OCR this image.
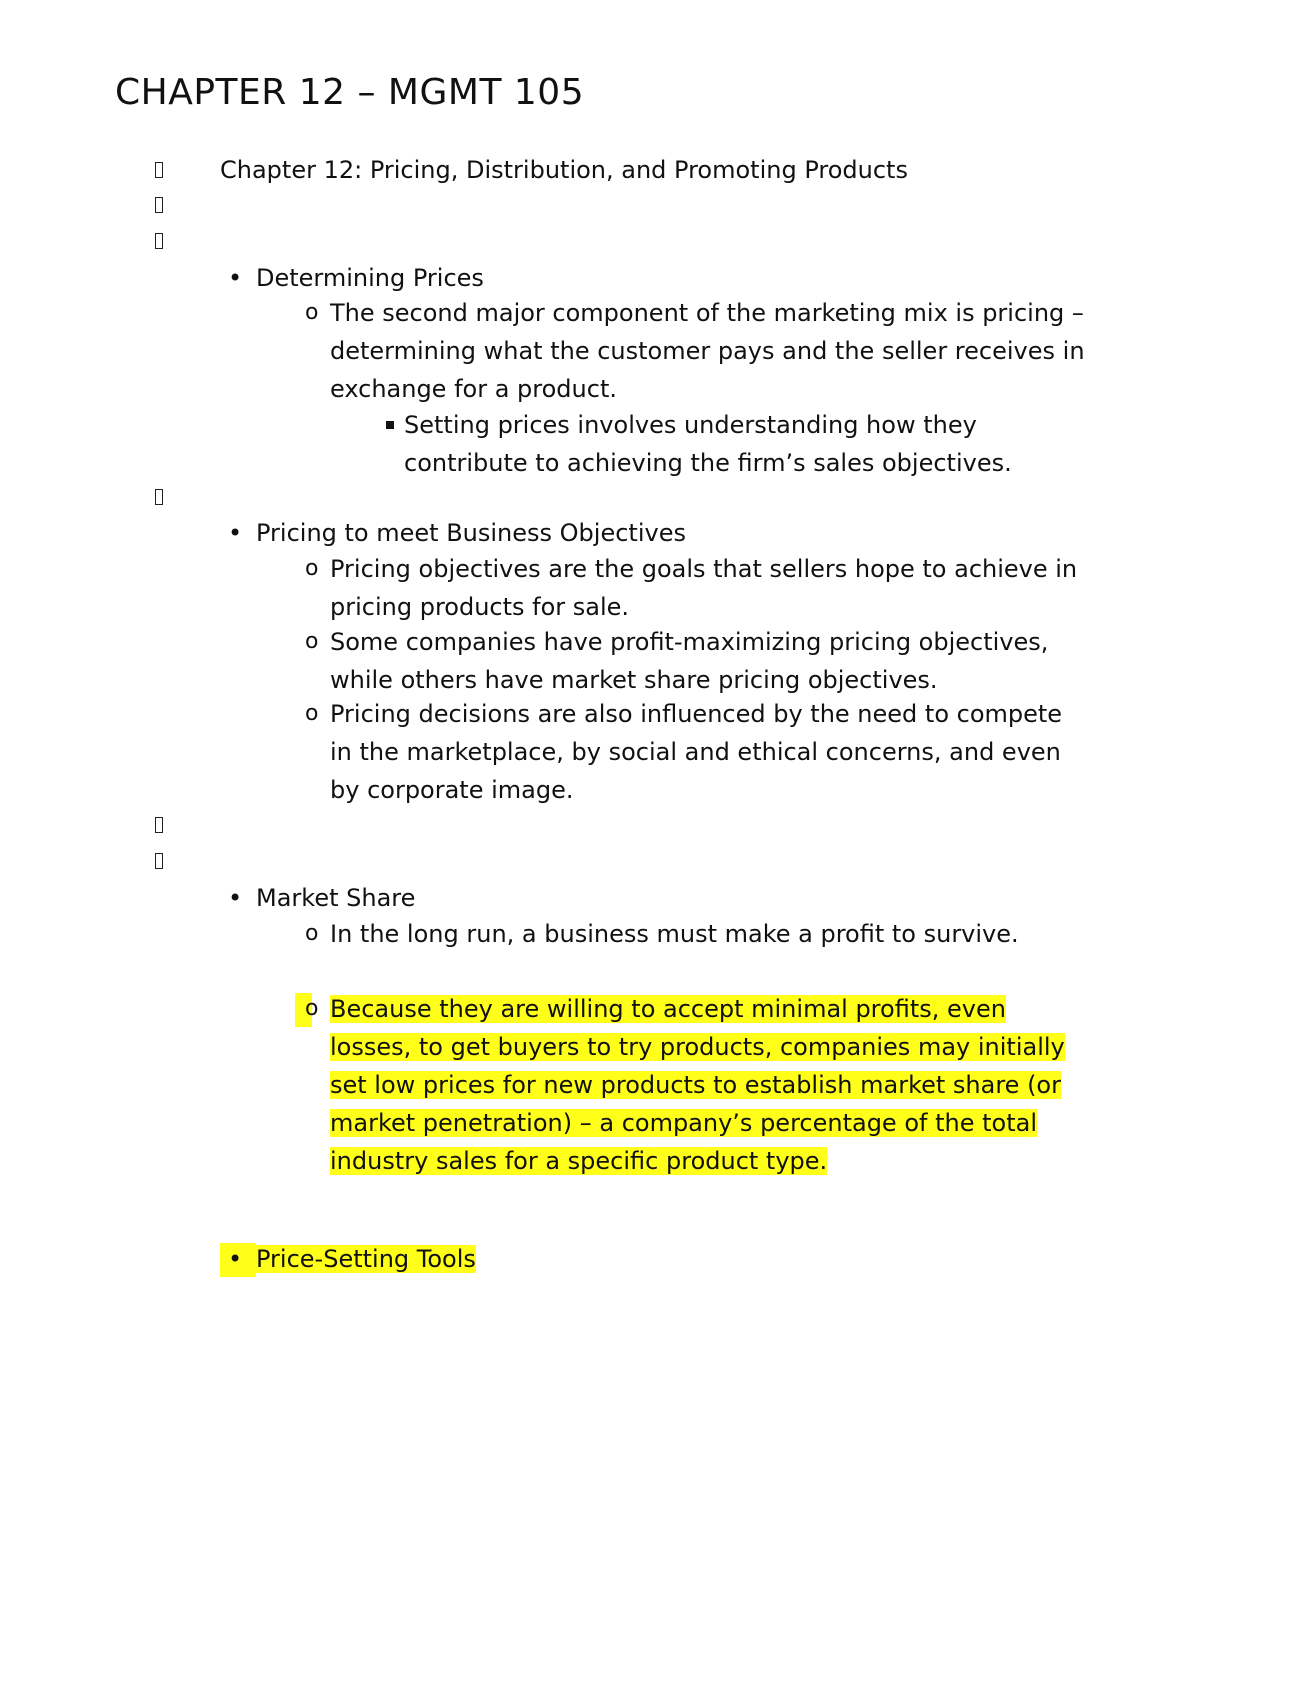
CHAPTER 12 – MGMT 105
Chapter 12: Pricing, Distribution, and Promoting Products
• Determining Prices
o The second major component of the marketing mix is pricing –
determining what the customer pays and the seller receives in
exchange for a product.
Setting prices involves understanding how they
contribute to achieving the firm’s sales objectives.
• Pricing to meet Business Objectives
o Pricing objectives are the goals that sellers hope to achieve in
pricing products for sale.
o Some companies have profit-maximizing pricing objectives,
while others have market share pricing objectives.
o Pricing decisions are also influenced by the need to compete
in the marketplace, by social and ethical concerns, and even
by corporate image.
• Market Share
o In the long run, a business must make a profit to survive.
o Because they are willing to accept minimal profits, even
losses, to get buyers to try products, companies may initially
set low prices for new products to establish market share (or
market penetration) – a company’s percentage of the total
industry sales for a specific product type.
• Price-Setting Tools
